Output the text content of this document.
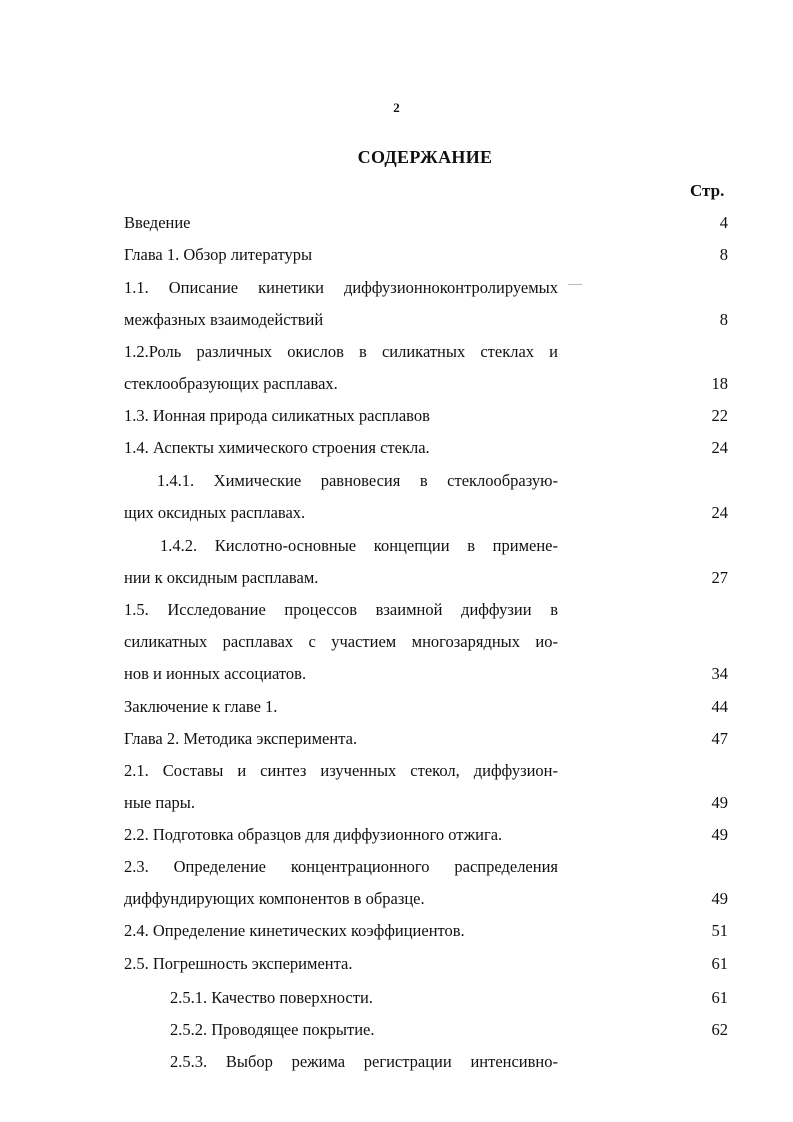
2
СОДЕРЖАНИЕ
Стр.
Введение	4
Глава 1. Обзор литературы	8
1.1. Описание кинетики диффузионноконтролируемых
межфазных взаимодействий	8
1.2.Роль различных окислов в силикатных стеклах и
стеклообразующих расплавах.	18
1.3. Ионная природа силикатных расплавов	22
1.4. Аспекты химического строения стекла.	24
1.4.1. Химические равновесия в стеклообразую-
щих оксидных расплавах.	24
1.4.2. Кислотно-основные концепции в примене-
нии к оксидным расплавам.	27
1.5. Исследование процессов взаимной диффузии в
силикатных расплавах с участием многозарядных ио-
нов и ионных ассоциатов.	34
Заключение к главе 1.	44
Глава 2. Методика эксперимента.	47
2.1. Составы и синтез изученных стекол, диффузион-
ные пары.	49
2.2. Подготовка образцов для диффузионного отжига.	49
2.3. Определение концентрационного распределения
диффундирующих компонентов в образце.	49
2.4. Определение кинетических коэффициентов.	51
2.5. Погрешность эксперимента.	61
2.5.1. Качество поверхности.	61
2.5.2. Проводящее покрытие.	62
2.5.3. Выбор режима регистрации интенсивно-
